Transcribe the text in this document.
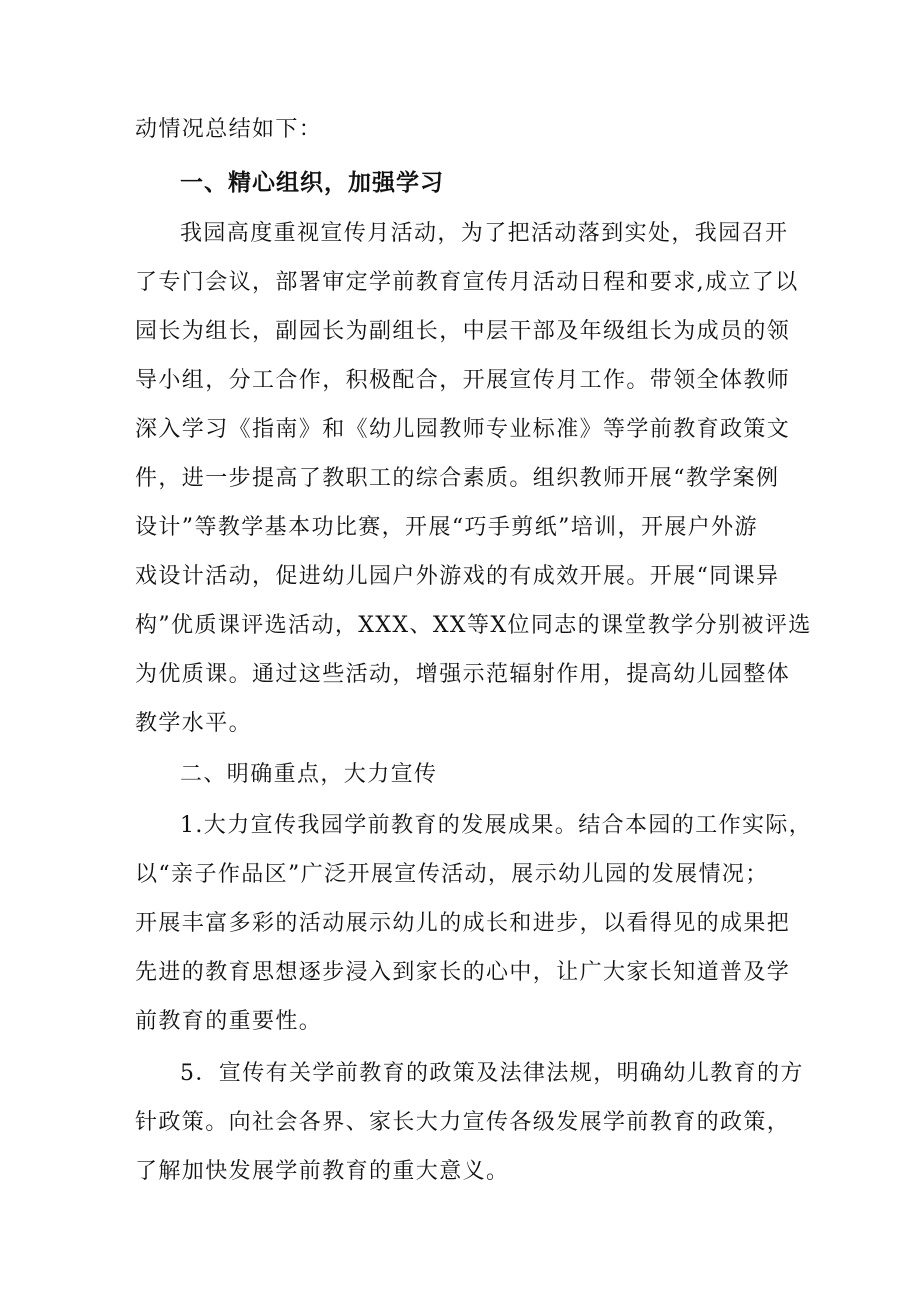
动情况总结如下：
一、精心组织，加强学习
我园高度重视宣传月活动，为了把活动落到实处，我园召开
了专门会议，部署审定学前教育宣传月活动日程和要求,成立了以
园长为组长，副园长为副组长，中层干部及年级组长为成员的领
导小组，分工合作，积极配合，开展宣传月工作。带领全体教师
深入学习《指南》和《幼儿园教师专业标准》等学前教育政策文
件，进一步提高了教职工的综合素质。组织教师开展“教学案例
设计”等教学基本功比赛，开展“巧手剪纸”培训，开展户外游
戏设计活动，促进幼儿园户外游戏的有成效开展。开展“同课异
构”优质课评选活动，XXX、XX等X位同志的课堂教学分别被评选
为优质课。通过这些活动，增强示范辐射作用，提高幼儿园整体
教学水平。
二、明确重点，大力宣传
1.大力宣传我园学前教育的发展成果。结合本园的工作实际，
以“亲子作品区”广泛开展宣传活动，展示幼儿园的发展情况；
开展丰富多彩的活动展示幼儿的成长和进步，以看得见的成果把
先进的教育思想逐步浸入到家长的心中，让广大家长知道普及学
前教育的重要性。
5．宣传有关学前教育的政策及法律法规，明确幼儿教育的方
针政策。向社会各界、家长大力宣传各级发展学前教育的政策，
了解加快发展学前教育的重大意义。
